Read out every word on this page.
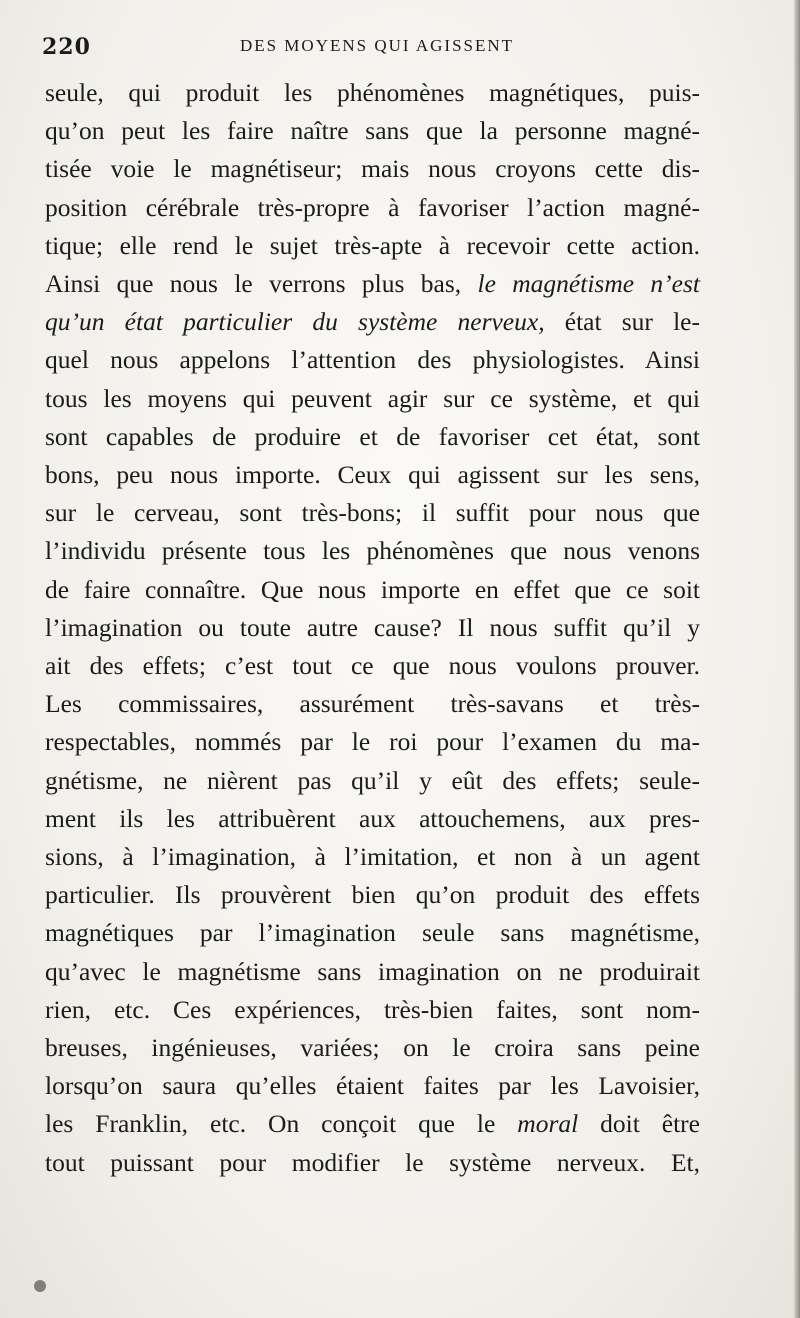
220	DES MOYENS QUI AGISSENT
seule, qui produit les phénomènes magnétiques, puis-
qu’on peut les faire naître sans que la personne magné-
tisée voie le magnétiseur; mais nous croyons cette dis-
position cérébrale très-propre à favoriser l’action magné-
tique; elle rend le sujet très-apte à recevoir cette action.
Ainsi que nous le verrons plus bas, le magnétisme n’est
qu’un état particulier du système nerveux, état sur le-
quel nous appelons l’attention des physiologistes. Ainsi
tous les moyens qui peuvent agir sur ce système, et qui
sont capables de produire et de favoriser cet état, sont
bons, peu nous importe. Ceux qui agissent sur les sens,
sur le cerveau, sont très-bons; il suffit pour nous que
l’individu présente tous les phénomènes que nous venons
de faire connaître. Que nous importe en effet que ce soit
l’imagination ou toute autre cause? Il nous suffit qu’il y
ait des effets; c’est tout ce que nous voulons prouver.
Les commissaires, assurément très-savans et très-
respectables, nommés par le roi pour l’examen du ma-
gnétisme, ne nièrent pas qu’il y eût des effets; seule-
ment ils les attribuèrent aux attouchemens, aux pres-
sions, à l’imagination, à l’imitation, et non à un agent
particulier. Ils prouvèrent bien qu’on produit des effets
magnétiques par l’imagination seule sans magnétisme,
qu’avec le magnétisme sans imagination on ne produirait
rien, etc. Ces expériences, très-bien faites, sont nom-
breuses, ingénieuses, variées; on le croira sans peine
lorsqu’on saura qu’elles étaient faites par les Lavoisier,
les Franklin, etc. On conçoit que le moral doit être
tout puissant pour modifier le système nerveux. Et,
